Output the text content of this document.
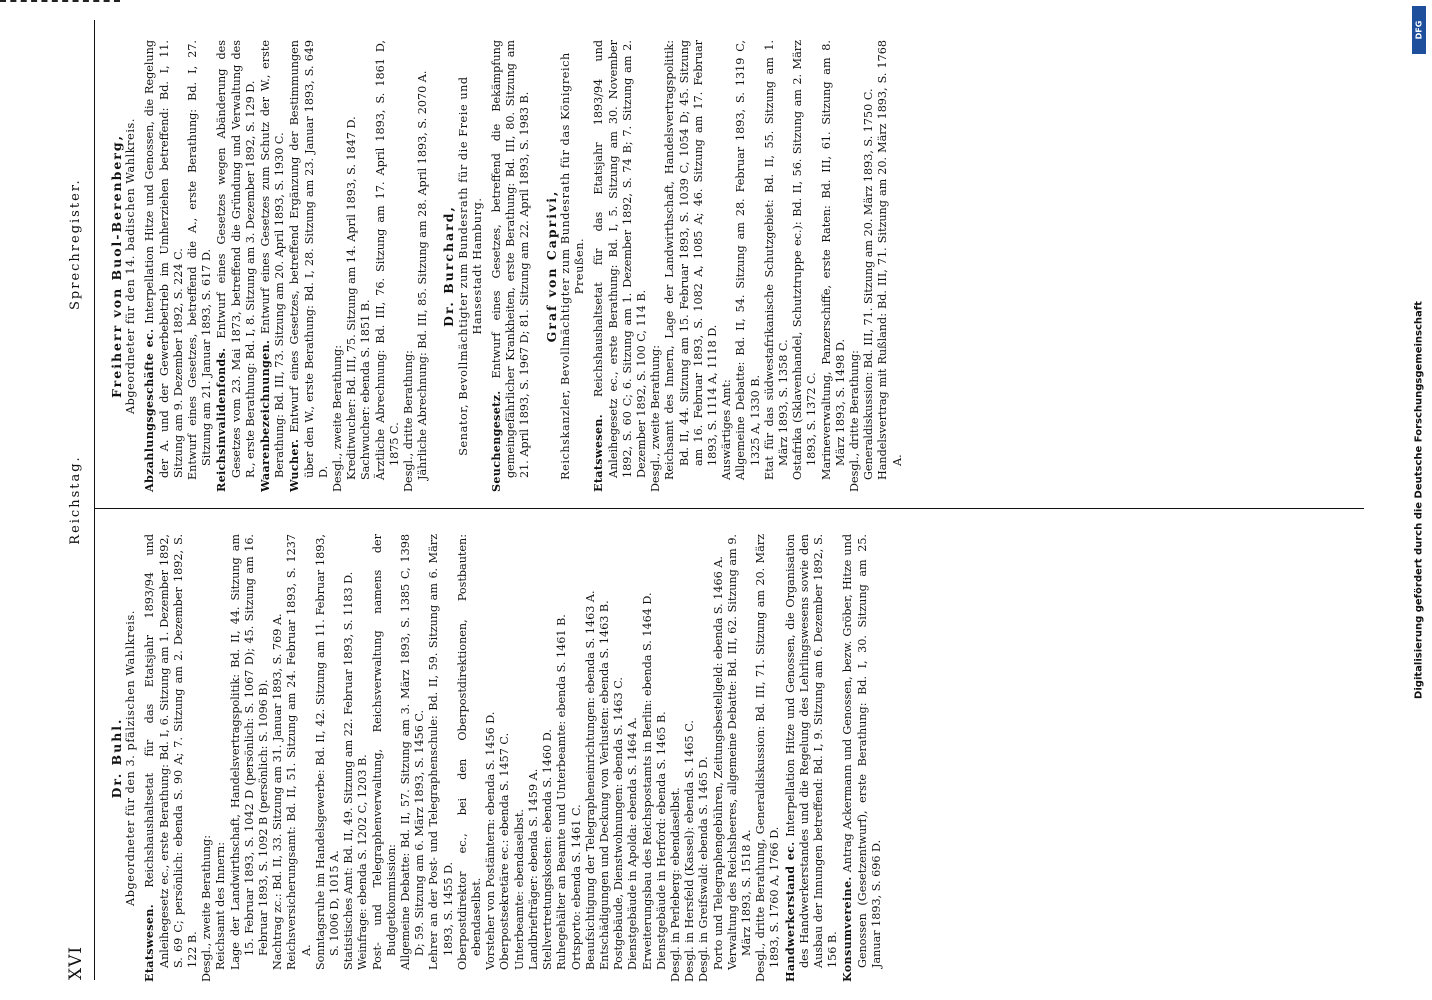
DFG
Digitalisierung gefördert durch die Deutsche Forschungsgemeinschaft
XVI
Reichstag.
Sprechregister.
Dr. Buhl. Abgeordneter für den 3. pfälzischen Wahlkreis.
Etatswesen. Reichshaushaltsetat für das Etatsjahr 1893/94 und Anleihegesetz ec., erste Berathung: Bd. I, 6. Sitzung am 1. Dezember 1892, S. 69 C; persönlich: ebenda S. 90 A; 7. Sitzung am 2. Dezember 1892, S. 122 B. Desgl., zweite Berathung: Reichsamt des Innern: Lage der Landwirthschaft, Handelsvertragspolitik: Bd. II, 44. Sitzung am 15. Februar 1893, S. 1042 D (persönlich: S. 1067 D); 45. Sitzung am 16. Februar 1893, S. 1092 B (persönlich: S. 1096 B). Nachtrag zc.: Bd. II, 33. Sitzung am 31. Januar 1893, S. 769 A. Reichsversicherungsamt: Bd. II, 51. Sitzung am 24. Februar 1893, S. 1237 A. Sonntagsruhe im Handelsgewerbe: Bd. II, 42. Sitzung am 11. Februar 1893, S. 1006 D, 1015 A. Statistisches Amt: Bd. II, 49. Sitzung am 22. Februar 1893, S. 1183 D. Weinfrage: ebenda S. 1202 C, 1203 B. Post- und Telegraphenverwaltung, Reichsverwaltung namens der Budgetkommission: Allgemeine Debatte: Bd. II, 57. Sitzung am 3. März 1893, S. 1385 C, 1398 D; 59. Sitzung am 6. März 1893, S. 1456 C. Lehrer an der Post- und Telegraphenschule: Bd. II, 59. Sitzung am 6. März 1893, S. 1455 D. Oberpostdirektor ec., bei den Oberpostdirektionen, Postbauten: ebendaselbst. Vorsteher von Postämtern: ebenda S. 1456 D. Oberpostsekretäre ec.: ebenda S. 1457 C. Unterbeamte: ebendaselbst. Landbriefträger: ebenda S. 1459 A. Stellvertretungskosten: ebenda S. 1460 D. Ruhegehälter an Beamte und Unterbeamte: ebenda S. 1461 B. Ortsporto: ebenda S. 1461 C. Beaufsichtigung der Telegrapheneinrichtungen: ebenda S. 1463 A. Entschädigungen und Deckung von Verlusten: ebenda S. 1463 B. Postgebäude, Dienstwohnungen: ebenda S. 1463 C. Dienstgebäude in Apolda: ebenda S. 1464 A. Erweiterungsbau des Reichspostamts in Berlin: ebenda S. 1464 D. Dienstgebäude in Herford: ebenda S. 1465 B. Desgl. in Perleberg: ebendaselbst. Desgl. in Hersfeld (Kassel): ebenda S. 1465 C. Desgl. in Greifswald: ebenda S. 1465 D. Porto und Telegraphengebühren, Zeitungsbestellgeld: ebenda S. 1466 A. Verwaltung des Reichsheeres, allgemeine Debatte: Bd. III, 62. Sitzung am 9. März 1893, S. 1518 A. Desgl., dritte Berathung, Generaldiskussion: Bd. III, 71. Sitzung am 20. März 1893, S. 1760 A, 1766 D. Handwerkerstand ec. Interpellation Hitze und Genossen, die Organisation des Handwerkerstandes und die Regelung des Lehrlingswesens sowie den Ausbau der Innungen betreffend: Bd. I, 9. Sitzung am 6. Dezember 1892, S. 156 B. Konsumvereine. Antrag Ackermann und Genossen, bezw. Gröber, Hitze und Genossen (Gesetzentwurf), erste Berathung: Bd. I, 30. Sitzung am 25. Januar 1893, S. 696 D.
Freiherr von Buol-Berenberg, Abgeordneter für den 14. badischen Wahlkreis. Abzahlungsgeschäfte ec. Interpellation Hitze und Genossen, die Regelung der A. und der Gewerbebetrieb im Umherziehen betreffend: Bd. I, 11. Sitzung am 9. Dezember 1892, S. 224 C. Entwurf eines Gesetzes, betreffend die A., erste Berathung: Bd. I, 27. Sitzung am 21. Januar 1893, S. 617 D. Reichsinvalidenfonds. Entwurf eines Gesetzes wegen Abänderung des Gesetzes vom 23. Mai 1873, betreffend die Gründung und Verwaltung des R., erste Berathung: Bd. I, 8. Sitzung am 3. Dezember 1892, S. 129 D. Waarenbezeichnungen. Entwurf eines Gesetzes zum Schutz der W., erste Berathung: Bd. III, 73. Sitzung am 20. April 1893, S. 1930 C. Wucher. Entwurf eines Gesetzes, betreffend Ergänzung der Bestimmungen über den W., erste Berathung: Bd. I, 28. Sitzung am 23. Januar 1893, S. 649 D. Desgl., zweite Berathung: Kreditwucher: Bd. III, 75. Sitzung am 14. April 1893, S. 1847 D. Sachwucher: ebenda S. 1851 B. Ärztliche Abrechnung: Bd. III, 76. Sitzung am 17. April 1893, S. 1861 D, 1875 C. Desgl., dritte Berathung: Jährliche Abrechnung: Bd. III, 85. Sitzung am 28. April 1893, S. 2070 A. Dr. Burchard, Senator, Bevollmächtigter zum Bundesrath für die Freie und Hansestadt Hamburg.
Seuchengesetz. Entwurf eines Gesetzes, betreffend die Bekämpfung gemeingefährlicher Krankheiten, erste Berathung: Bd. III, 80. Sitzung am 21. April 1893, S. 1967 D; 81. Sitzung am 22. April 1893, S. 1983 B. Graf von Caprivi, Reichskanzler, Bevollmächtigter zum Bundesrath für das Königreich Preußen.
Etatswesen. Reichshaushaltsetat für das Etatsjahr 1893/94 und Anleihegesetz ec., erste Berathung: Bd. I, 5. Sitzung am 30. November 1892, S. 60 C; 6. Sitzung am 1. Dezember 1892, S. 74 B; 7. Sitzung am 2. Dezember 1892, S. 100 C, 114 B. Desgl., zweite Berathung: Reichsamt des Innern, Lage der Landwirthschaft, Handelsvertragspolitik: Bd. II, 44. Sitzung am 15. Februar 1893, S. 1039 C, 1054 D; 45. Sitzung am 16. Februar 1893, S. 1082 A, 1085 A; 46. Sitzung am 17. Februar 1893, S. 1114 A, 1118 D. Auswärtiges Amt: Allgemeine Debatte: Bd. II, 54. Sitzung am 28. Februar 1893, S. 1319 C, 1325 A, 1330 B. Etat für das südwestafrikanische Schutzgebiet: Bd. II, 55. Sitzung am 1. März 1893, S. 1358 C. Ostafrika (Sklavenhandel, Schutztruppe ec.): Bd. II, 56. Sitzung am 2. März 1893, S. 1372 C. Marineverwaltung, Panzerschiffe, erste Raten: Bd. III, 61. Sitzung am 8. März 1893, S. 1498 D. Desgl., dritte Berathung: Generaldiskussion: Bd. III, 71. Sitzung am 20. März 1893, S. 1750 C. Handelsvertrag mit Rußland: Bd. III, 71. Sitzung am 20. März 1893, S. 1768 A.
